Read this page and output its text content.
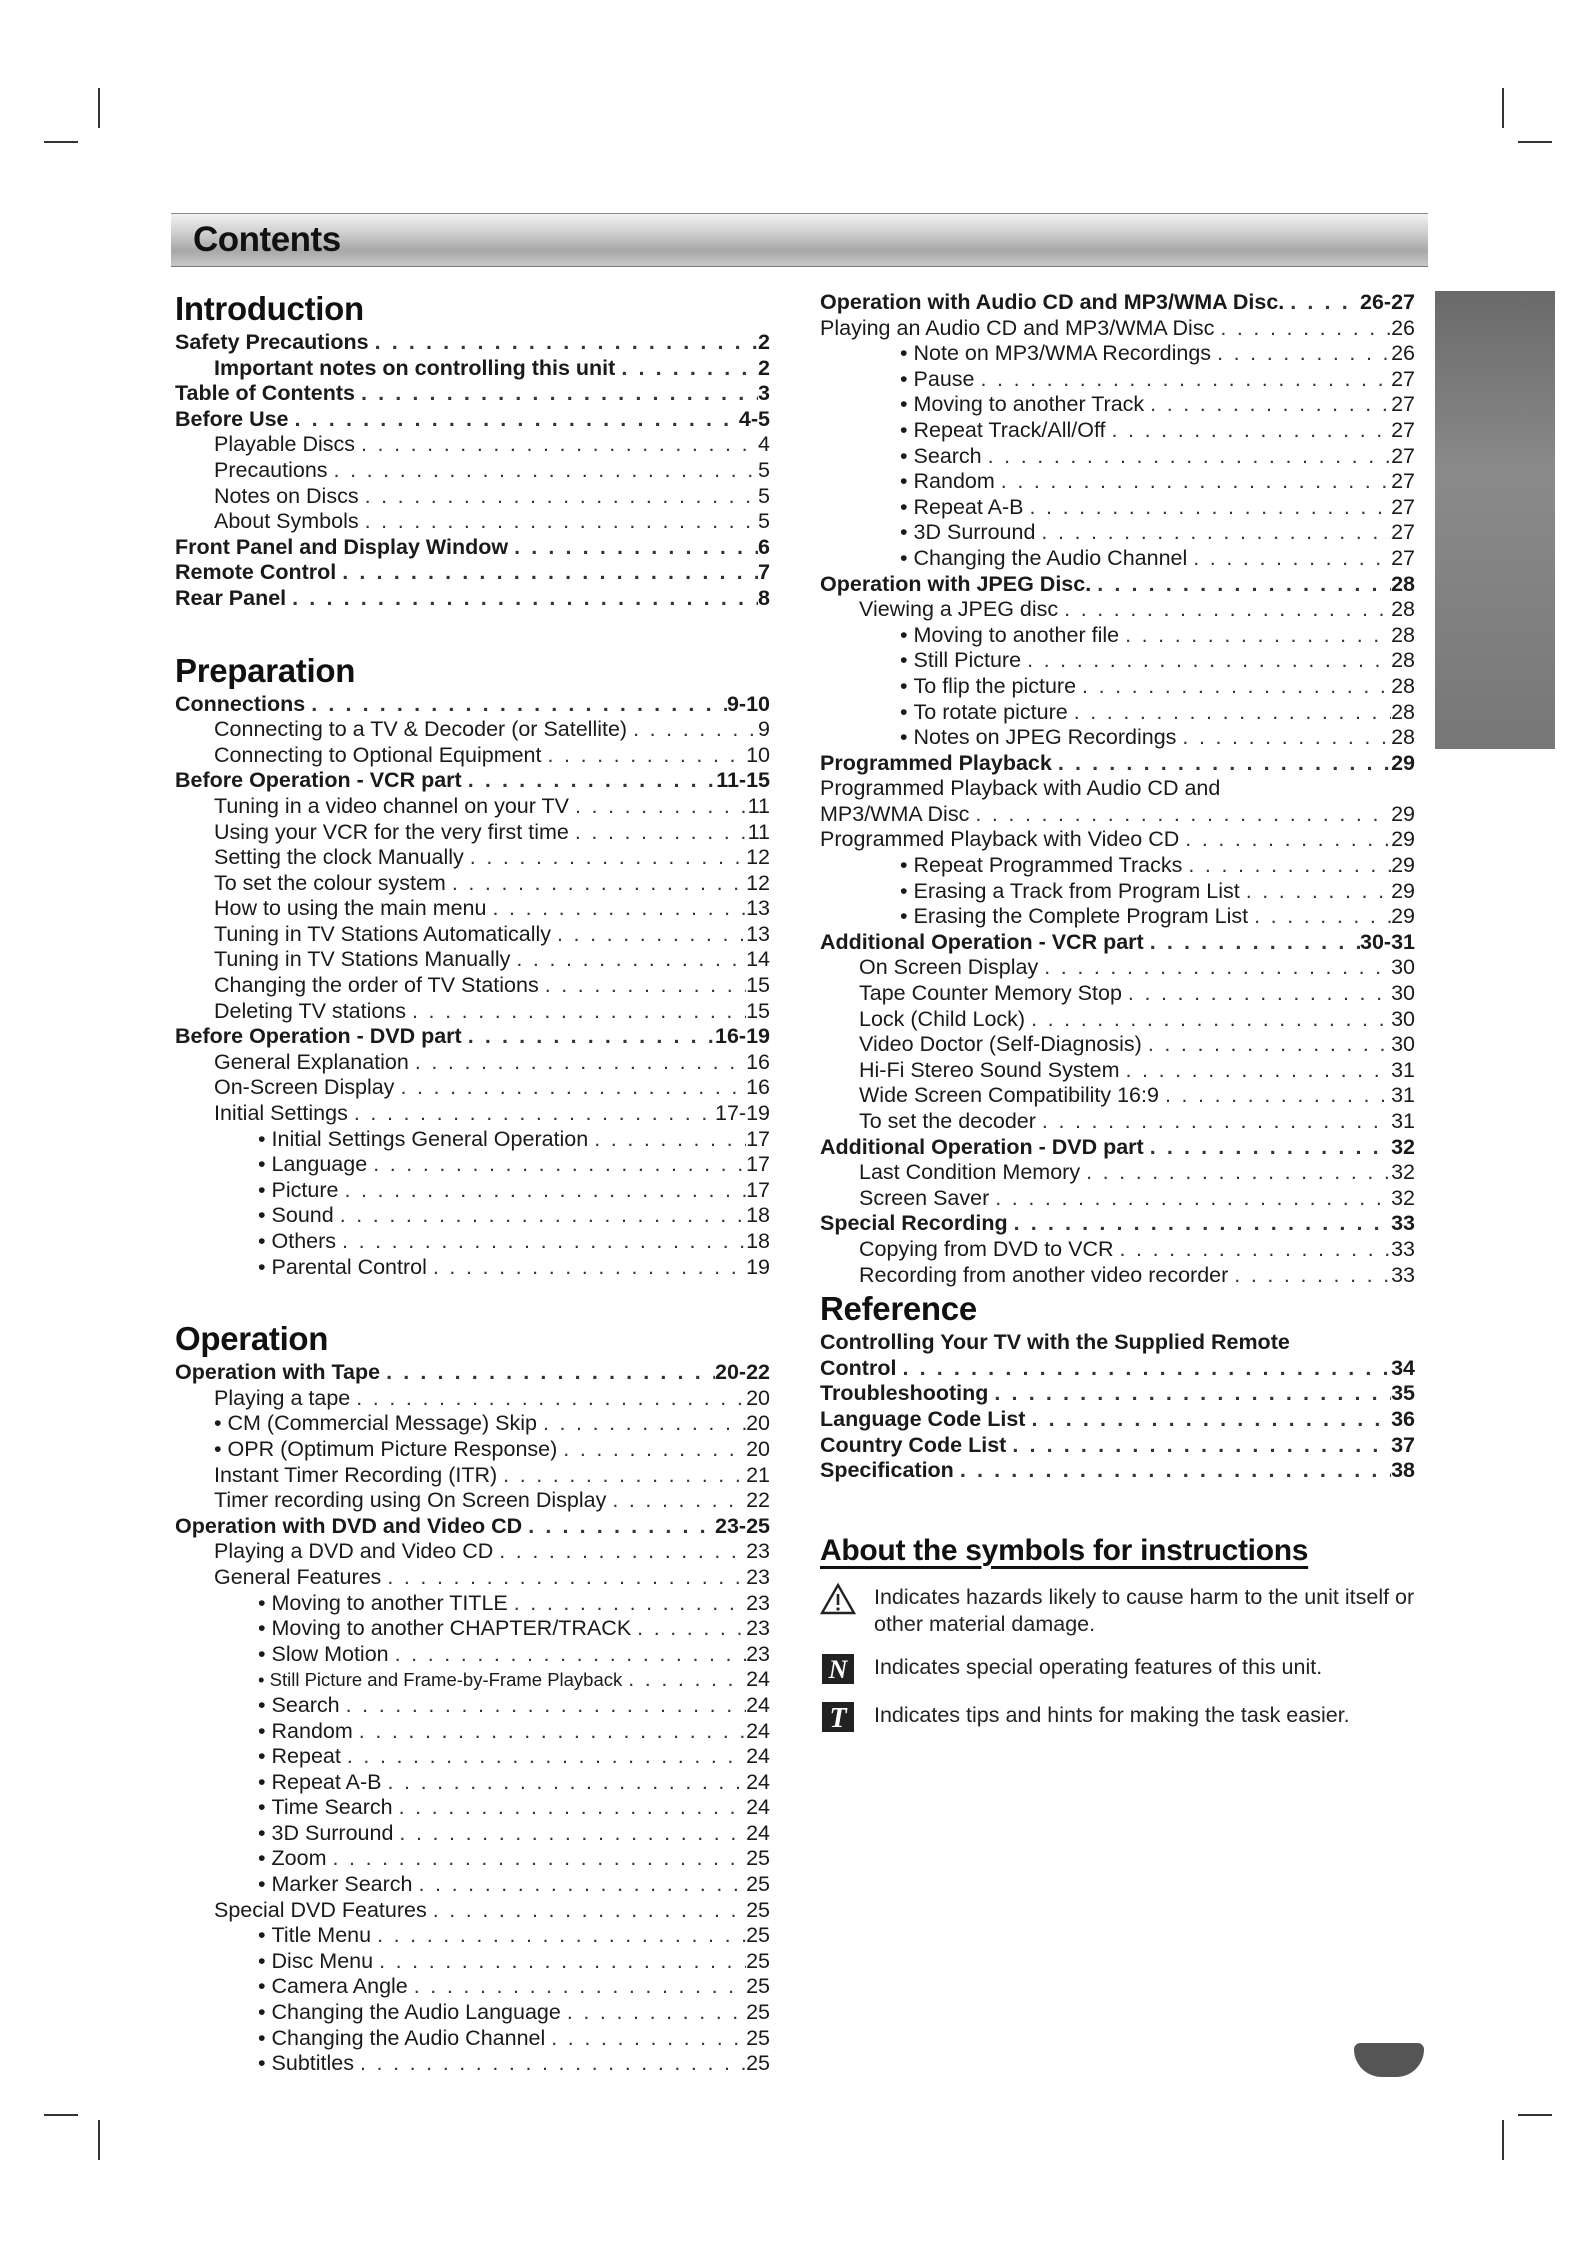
Contents
Introduction
Safety Precautions . . .	2
Important notes on controlling this unit . . .	2
Table of Contents . . .	3
Before Use . . .	4-5
Playable Discs . . .	4
Precautions . . .	5
Notes on Discs . . .	5
About Symbols . . .	5
Front Panel and Display Window . . .	6
Remote Control . . .	7
Rear Panel . . .	8
Preparation
Connections . . .	9-10
Connecting to a TV & Decoder (or Satellite) . . .	9
Connecting to Optional Equipment . . .	10
Before Operation - VCR part . . .	11-15
Tuning in a video channel on your TV . . .	11
Using your VCR for the very first time . . .	11
Setting the clock Manually . . .	12
To set the colour system . . .	12
How to using the main menu . . .	13
Tuning in TV Stations Automatically . . .	13
Tuning in TV Stations Manually . . .	14
Changing the order of TV Stations . . .	15
Deleting TV stations . . .	15
Before Operation - DVD part . . .	16-19
General Explanation . . .	16
On-Screen Display . . .	16
Initial Settings . . .	17-19
• Initial Settings General Operation . . .	17
• Language . . .	17
• Picture . . .	17
• Sound . . .	18
• Others . . .	18
• Parental Control . . .	19
Operation
Operation with Tape . . .	20-22
Playing a tape . . .	20
• CM (Commercial Message) Skip . . .	20
• OPR (Optimum Picture Response) . . .	20
Instant Timer Recording (ITR) . . .	21
Timer recording using On Screen Display . . .	22
Operation with DVD and Video CD . . .	23-25
Playing a DVD and Video CD . . .	23
General Features . . .	23
• Moving to another TITLE . . .	23
• Moving to another CHAPTER/TRACK . . .	23
• Slow Motion . . .	23
• Still Picture and Frame-by-Frame Playback . . .	24
• Search . . .	24
• Random . . .	24
• Repeat . . .	24
• Repeat A-B . . .	24
• Time Search . . .	24
• 3D Surround . . .	24
• Zoom . . .	25
• Marker Search . . .	25
Special DVD Features . . .	25
• Title Menu . . .	25
• Disc Menu . . .	25
• Camera Angle . . .	25
• Changing the Audio Language . . .	25
• Changing the Audio Channel . . .	25
• Subtitles . . .	25
Operation with Audio CD and MP3/WMA Disc. . . .	26-27
Playing an Audio CD and MP3/WMA Disc . . .	26
• Note on MP3/WMA Recordings . . .	26
• Pause . . .	27
• Moving to another Track . . .	27
• Repeat Track/All/Off . . .	27
• Search . . .	27
• Random . . .	27
• Repeat A-B . . .	27
• 3D Surround . . .	27
• Changing the Audio Channel . . .	27
Operation with JPEG Disc. . . .	28
Viewing a JPEG disc . . .	28
• Moving to another file . . .	28
• Still Picture . . .	28
• To flip the picture . . .	28
• To rotate picture . . .	28
• Notes on JPEG Recordings . . .	28
Programmed Playback . . .	29
Programmed Playback with Audio CD and
MP3/WMA Disc . . .	29
Programmed Playback with Video CD . . .	29
• Repeat Programmed Tracks . . .	29
• Erasing a Track from Program List . . .	29
• Erasing the Complete Program List . . .	29
Additional Operation - VCR part . . .	30-31
On Screen Display . . .	30
Tape Counter Memory Stop . . .	30
Lock (Child Lock) . . .	30
Video Doctor (Self-Diagnosis) . . .	30
Hi-Fi Stereo Sound System . . .	31
Wide Screen Compatibility 16:9 . . .	31
To set the decoder . . .	31
Additional Operation - DVD part . . .	32
Last Condition Memory . . .	32
Screen Saver . . .	32
Special Recording . . .	33
Copying from DVD to VCR . . .	33
Recording from another video recorder . . .	33
Reference
Controlling Your TV with the Supplied Remote
Control . . .	34
Troubleshooting . . .	35
Language Code List . . .	36
Country Code List . . .	37
Specification . . .	38
About the symbols for instructions
Indicates hazards likely to cause harm to the unit itself or other material damage.
N Indicates special operating features of this unit.
T Indicates tips and hints for making the task easier.
